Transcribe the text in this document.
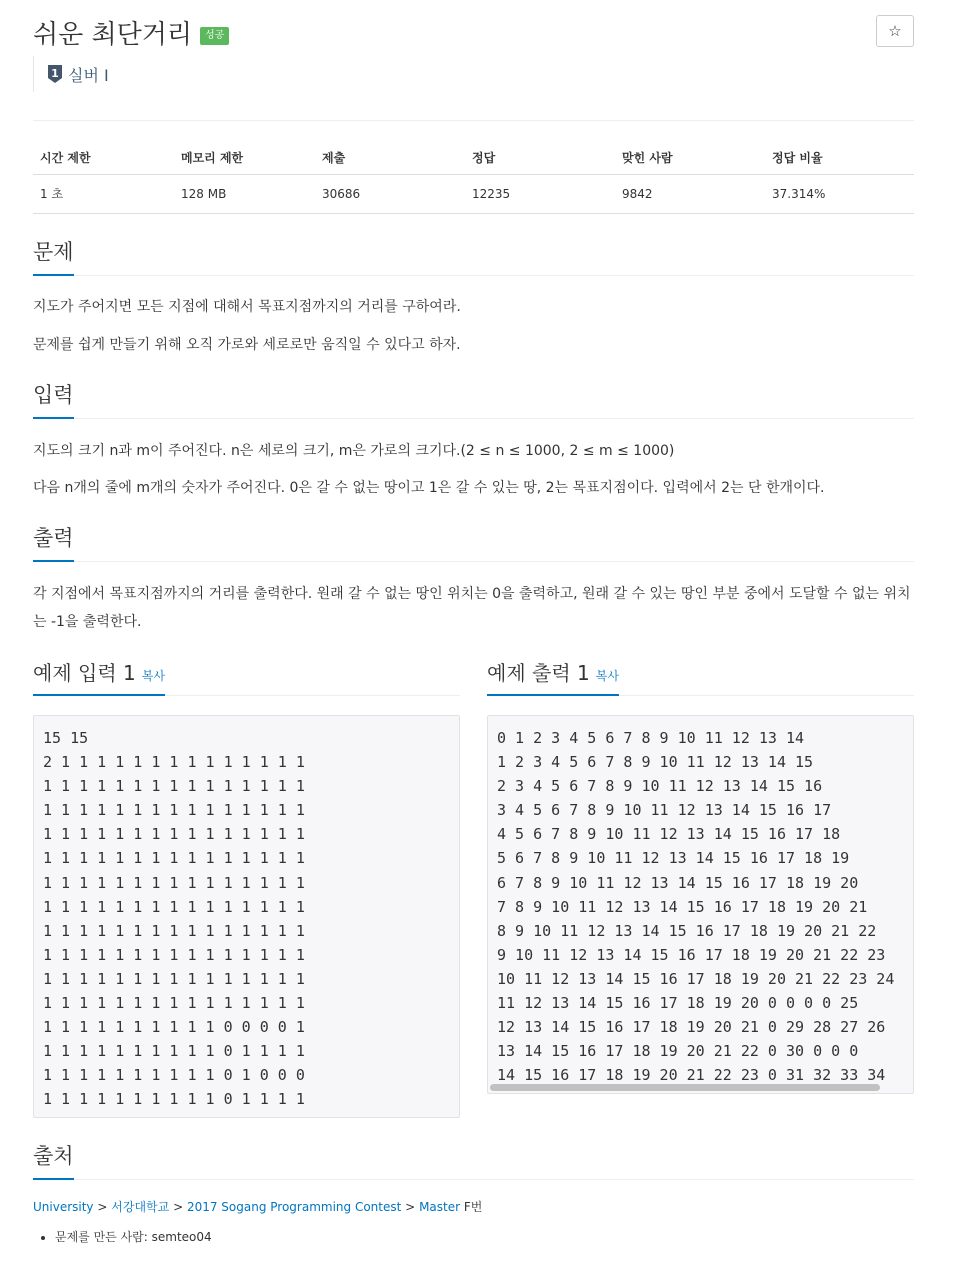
쉬운 최단거리	성공	☆
1 실버 I
시간 제한	메모리 제한	제출	정답	맞힌 사람	정답 비율
1 초	128 MB	30686	12235	9842	37.314%
문제

지도가 주어지면 모든 지점에 대해서 목표지점까지의 거리를 구하여라.

문제를 쉽게 만들기 위해 오직 가로와 세로로만 움직일 수 있다고 하자.

입력

지도의 크기 n과 m이 주어진다. n은 세로의 크기, m은 가로의 크기다.(2 ≤ n ≤ 1000, 2 ≤ m ≤ 1000)

다음 n개의 줄에 m개의 숫자가 주어진다. 0은 갈 수 없는 땅이고 1은 갈 수 있는 땅, 2는 목표지점이다. 입력에서 2는 단 한개이다.

출력

각 지점에서 목표지점까지의 거리를 출력한다. 원래 갈 수 없는 땅인 위치는 0을 출력하고, 원래 갈 수 있는 땅인 부분 중에서 도달할 수 없는 위치는 -1을 출력한다.

예제 입력 1 복사
15 15
2 1 1 1 1 1 1 1 1 1 1 1 1 1 1
1 1 1 1 1 1 1 1 1 1 1 1 1 1 1
1 1 1 1 1 1 1 1 1 1 1 1 1 1 1
1 1 1 1 1 1 1 1 1 1 1 1 1 1 1
1 1 1 1 1 1 1 1 1 1 1 1 1 1 1
1 1 1 1 1 1 1 1 1 1 1 1 1 1 1
1 1 1 1 1 1 1 1 1 1 1 1 1 1 1
1 1 1 1 1 1 1 1 1 1 1 1 1 1 1
1 1 1 1 1 1 1 1 1 1 1 1 1 1 1
1 1 1 1 1 1 1 1 1 1 1 1 1 1 1
1 1 1 1 1 1 1 1 1 1 1 1 1 1 1
1 1 1 1 1 1 1 1 1 1 0 0 0 0 1
1 1 1 1 1 1 1 1 1 1 0 1 1 1 1
1 1 1 1 1 1 1 1 1 1 0 1 0 0 0
1 1 1 1 1 1 1 1 1 1 0 1 1 1 1
예제 출력 1 복사
0 1 2 3 4 5 6 7 8 9 10 11 12 13 14
1 2 3 4 5 6 7 8 9 10 11 12 13 14 15
2 3 4 5 6 7 8 9 10 11 12 13 14 15 16
3 4 5 6 7 8 9 10 11 12 13 14 15 16 17
4 5 6 7 8 9 10 11 12 13 14 15 16 17 18
5 6 7 8 9 10 11 12 13 14 15 16 17 18 19
6 7 8 9 10 11 12 13 14 15 16 17 18 19 20
7 8 9 10 11 12 13 14 15 16 17 18 19 20 21
8 9 10 11 12 13 14 15 16 17 18 19 20 21 22
9 10 11 12 13 14 15 16 17 18 19 20 21 22 23
10 11 12 13 14 15 16 17 18 19 20 21 22 23 24
11 12 13 14 15 16 17 18 19 20 0 0 0 0 25
12 13 14 15 16 17 18 19 20 21 0 29 28 27 26
13 14 15 16 17 18 19 20 21 22 0 30 0 0 0
14 15 16 17 18 19 20 21 22 23 0 31 32 33 34
출처
University > 서강대학교 > 2017 Sogang Programming Contest > Master F번
• 문제를 만든 사람: semteo04
